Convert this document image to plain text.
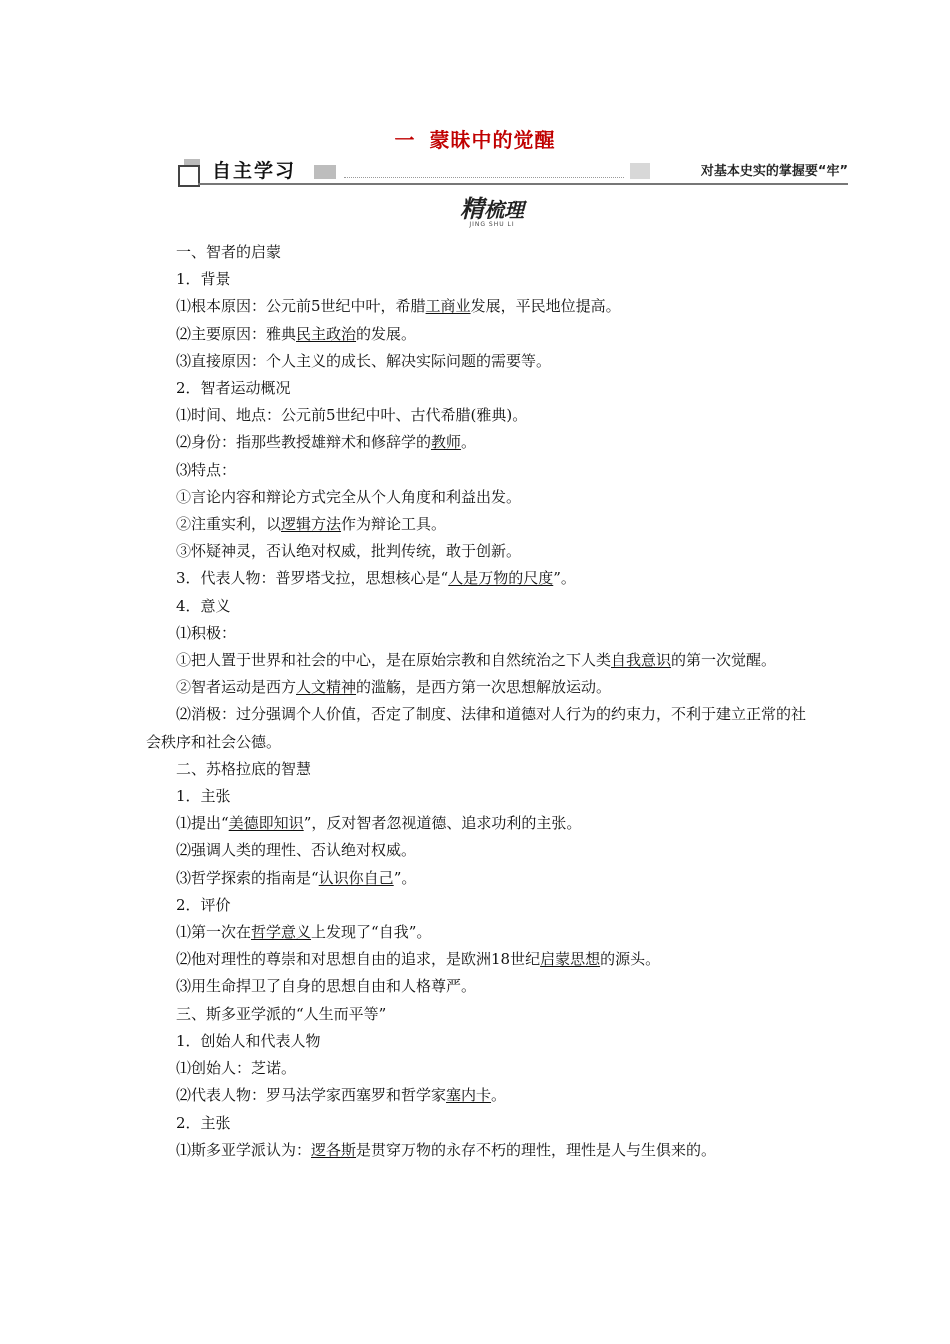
一 蒙昧中的觉醒
自主学习	对基本史实的掌握要“牢”
精梳理
JING SHU LI

一、智者的启蒙

1．背景

⑴根本原因：公元前5世纪中叶，希腊工商业发展，平民地位提高。

⑵主要原因：雅典民主政治的发展。

⑶直接原因：个人主义的成长、解决实际问题的需要等。

2．智者运动概况

⑴时间、地点：公元前5世纪中叶、古代希腊(雅典)。

⑵身份：指那些教授雄辩术和修辞学的教师。

⑶特点：

①言论内容和辩论方式完全从个人角度和利益出发。

②注重实利，以逻辑方法作为辩论工具。

③怀疑神灵，否认绝对权威，批判传统，敢于创新。

3．代表人物：普罗塔戈拉，思想核心是“人是万物的尺度”。

4．意义

⑴积极：

①把人置于世界和社会的中心，是在原始宗教和自然统治之下人类自我意识的第一次觉醒。

②智者运动是西方人文精神的滥觞，是西方第一次思想解放运动。

⑵消极：过分强调个人价值，否定了制度、法律和道德对人行为的约束力，不利于建立正常的社会秩序和社会公德。

二、苏格拉底的智慧

1．主张

⑴提出“美德即知识”，反对智者忽视道德、追求功利的主张。

⑵强调人类的理性、否认绝对权威。

⑶哲学探索的指南是“认识你自己”。

2．评价

⑴第一次在哲学意义上发现了“自我”。

⑵他对理性的尊崇和对思想自由的追求，是欧洲18世纪启蒙思想的源头。

⑶用生命捍卫了自身的思想自由和人格尊严。

三、斯多亚学派的“人生而平等”

1．创始人和代表人物

⑴创始人：芝诺。

⑵代表人物：罗马法学家西塞罗和哲学家塞内卡。

2．主张

⑴斯多亚学派认为：逻各斯是贯穿万物的永存不朽的理性，理性是人与生俱来的。
